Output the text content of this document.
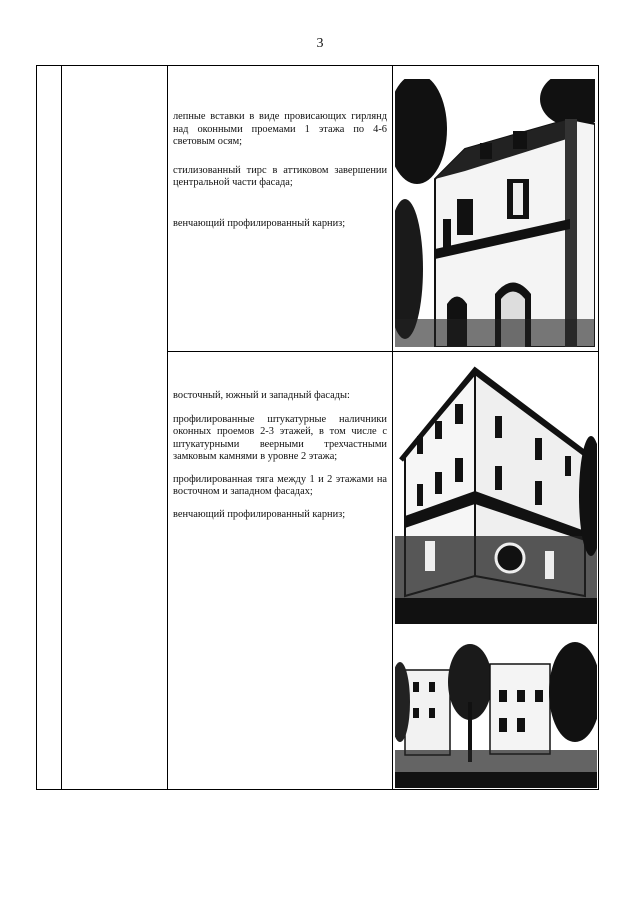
3

лепные вставки в виде провисающих гирлянд над оконными проемами 1 этажа по 4-6 световым осям;

стилизованный тирс в аттиковом завершении центральной части фасада;

венчающий профилированный карниз;

восточный, южный и западный фасады:

профилированные штукатурные наличники оконных проемов 2-3 этажей, в том числе с штукатурными веерными трехчастными замковым камнями в уровне 2 этажа;

профилированная тяга между 1 и 2 этажами на восточном и западном фасадах;

венчающий профилированный карниз;
